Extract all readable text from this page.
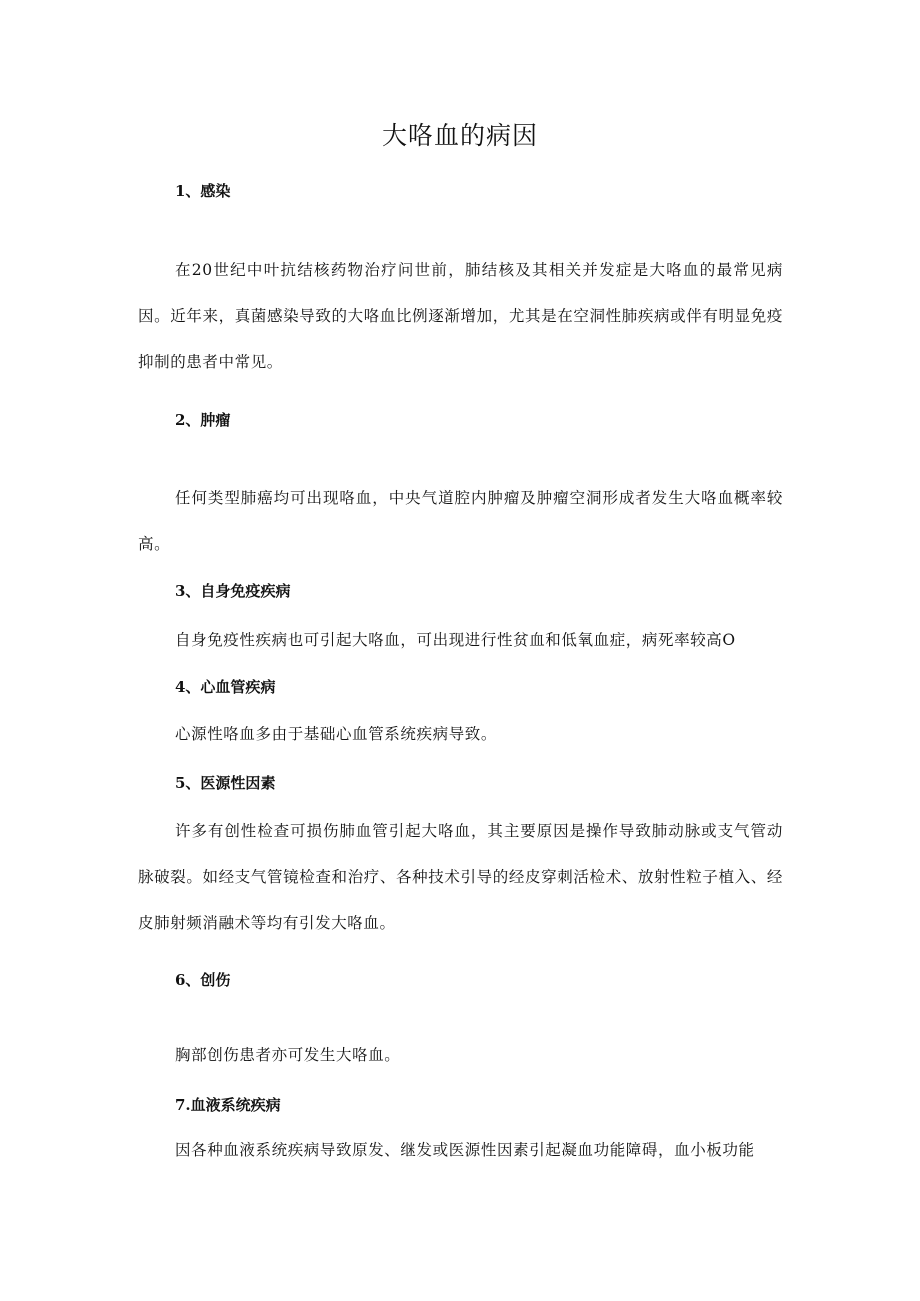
大咯血的病因
1、感染

在20世纪中叶抗结核药物治疗问世前，肺结核及其相关并发症是大咯血的最常见病因。近年来，真菌感染导致的大咯血比例逐渐增加，尤其是在空洞性肺疾病或伴有明显免疫抑制的患者中常见。

2、肿瘤

任何类型肺癌均可出现咯血，中央气道腔内肿瘤及肿瘤空洞形成者发生大咯血概率较高。

3、自身免疫疾病

自身免疫性疾病也可引起大咯血，可出现进行性贫血和低氧血症，病死率较高O

4、心血管疾病

心源性咯血多由于基础心血管系统疾病导致。

5、医源性因素

许多有创性检查可损伤肺血管引起大咯血，其主要原因是操作导致肺动脉或支气管动脉破裂。如经支气管镜检查和治疗、各种技术引导的经皮穿刺活检术、放射性粒子植入、经皮肺射频消融术等均有引发大咯血。

6、创伤

胸部创伤患者亦可发生大咯血。

7.血液系统疾病

因各种血液系统疾病导致原发、继发或医源性因素引起凝血功能障碍，血小板功能
